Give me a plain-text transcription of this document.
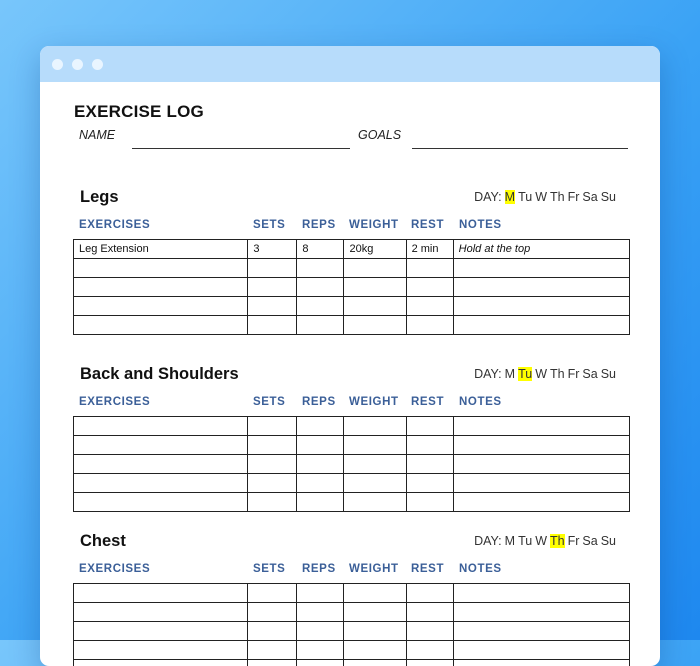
EXERCISE LOG
NAME	GOALS
Legs	DAY: M Tu W Th Fr Sa Su
EXERCISES	SETS REPS WEIGHT REST NOTES
Leg Extension	3	8	20kg	2 min	Hold at the top

Back and Shoulders	DAY: M Tu W Th Fr Sa Su
EXERCISES	SETS REPS WEIGHT REST NOTES

Chest	DAY: M Tu W Th Fr Sa Su
EXERCISES	SETS REPS WEIGHT REST NOTES
